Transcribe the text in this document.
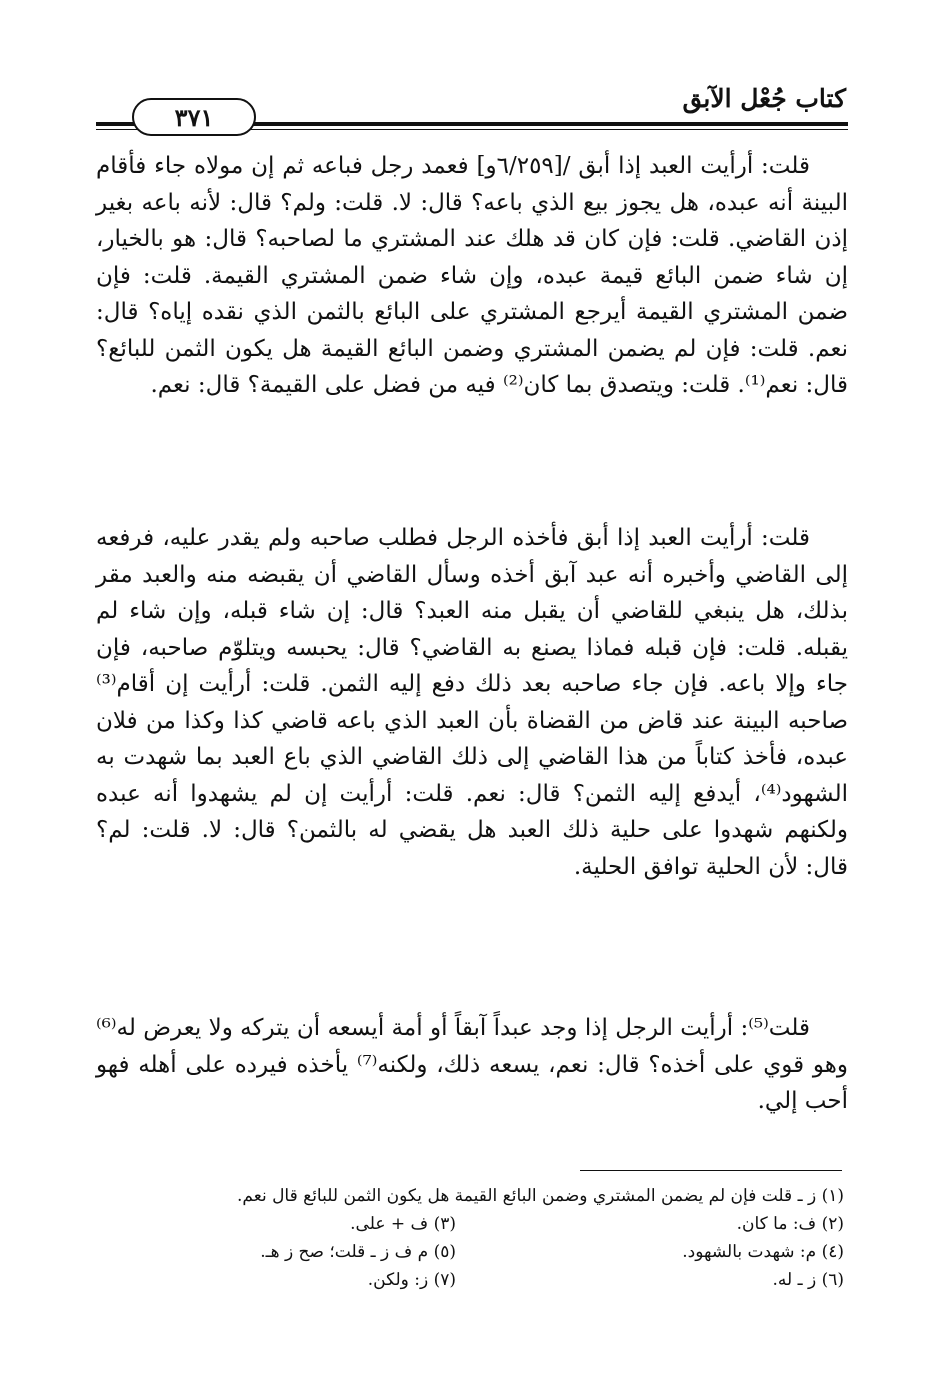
كتاب جُعْل الآبق
٣٧١

قلت: أرأيت العبد إذا أبق /[٦/٢٥٩و] فعمد رجل فباعه ثم إن مولاه جاء فأقام البينة أنه عبده، هل يجوز بيع الذي باعه؟ قال: لا. قلت: ولم؟ قال: لأنه باعه بغير إذن القاضي. قلت: فإن كان قد هلك عند المشتري ما لصاحبه؟ قال: هو بالخيار، إن شاء ضمن البائع قيمة عبده، وإن شاء ضمن المشتري القيمة. قلت: فإن ضمن المشتري القيمة أيرجع المشتري على البائع بالثمن الذي نقده إياه؟ قال: نعم. قلت: فإن لم يضمن المشتري وضمن البائع القيمة هل يكون الثمن للبائع؟ قال: نعم⁽¹⁾. قلت: ويتصدق بما كان⁽²⁾ فيه من فضل على القيمة؟ قال: نعم.

قلت: أرأيت العبد إذا أبق فأخذه الرجل فطلب صاحبه ولم يقدر عليه، فرفعه إلى القاضي وأخبره أنه عبد آبق أخذه وسأل القاضي أن يقبضه منه والعبد مقر بذلك، هل ينبغي للقاضي أن يقبل منه العبد؟ قال: إن شاء قبله، وإن شاء لم يقبله. قلت: فإن قبله فماذا يصنع به القاضي؟ قال: يحبسه ويتلوّم صاحبه، فإن جاء وإلا باعه. فإن جاء صاحبه بعد ذلك دفع إليه الثمن. قلت: أرأيت إن أقام⁽³⁾ صاحبه البينة عند قاض من القضاة بأن العبد الذي باعه قاضي كذا وكذا من فلان عبده، فأخذ كتاباً من هذا القاضي إلى ذلك القاضي الذي باع العبد بما شهدت به الشهود⁽⁴⁾، أيدفع إليه الثمن؟ قال: نعم. قلت: أرأيت إن لم يشهدوا أنه عبده ولكنهم شهدوا على حلية ذلك العبد هل يقضي له بالثمن؟ قال: لا. قلت: لم؟ قال: لأن الحلية توافق الحلية.

قلت⁽⁵⁾: أرأيت الرجل إذا وجد عبداً آبقاً أو أمة أيسعه أن يتركه ولا يعرض له⁽⁶⁾ وهو قوي على أخذه؟ قال: نعم، يسعه ذلك، ولكنه⁽⁷⁾ يأخذه فيرده على أهله فهو أحب إلي.

(١) ز ـ قلت فإن لم يضمن المشتري وضمن البائع القيمة هل يكون الثمن للبائع قال نعم.
(٢) ف: ما كان.
(٣) ف + على.
(٤) م: شهدت بالشهود.
(٥) م ف ز ـ قلت؛ صح ز هـ.
(٦) ز ـ له.
(٧) ز: ولكن.
